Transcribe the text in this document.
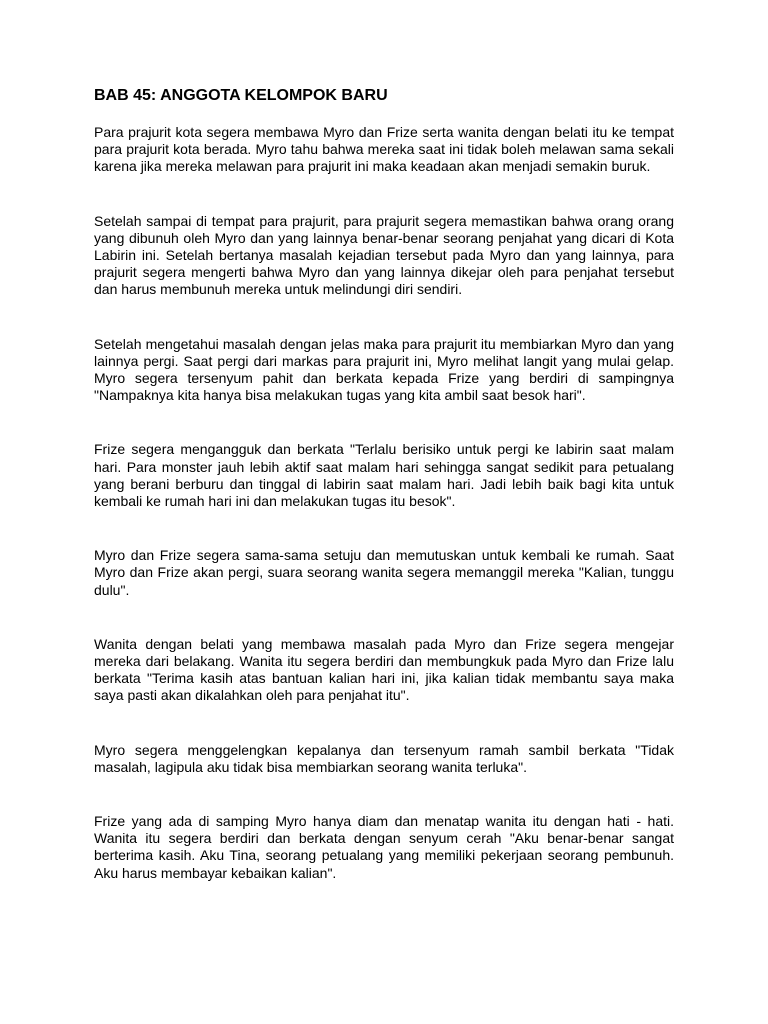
BAB 45: ANGGOTA KELOMPOK BARU

Para prajurit kota segera membawa Myro dan Frize serta wanita dengan belati itu ke tempat para prajurit kota berada. Myro tahu bahwa mereka saat ini tidak boleh melawan sama sekali karena jika mereka melawan para prajurit ini maka keadaan akan menjadi semakin buruk.

Setelah sampai di tempat para prajurit, para prajurit segera memastikan bahwa orang orang yang dibunuh oleh Myro dan yang lainnya benar-benar seorang penjahat yang dicari di Kota Labirin ini. Setelah bertanya masalah kejadian tersebut pada Myro dan yang lainnya, para prajurit segera mengerti bahwa Myro dan yang lainnya dikejar oleh para penjahat tersebut dan harus membunuh mereka untuk melindungi diri sendiri.

Setelah mengetahui masalah dengan jelas maka para prajurit itu membiarkan Myro dan yang lainnya pergi. Saat pergi dari markas para prajurit ini, Myro melihat langit yang mulai gelap. Myro segera tersenyum pahit dan berkata kepada Frize yang berdiri di sampingnya "Nampaknya kita hanya bisa melakukan tugas yang kita ambil saat besok hari".

Frize segera mengangguk dan berkata "Terlalu berisiko untuk pergi ke labirin saat malam hari. Para monster jauh lebih aktif saat malam hari sehingga sangat sedikit para petualang yang berani berburu dan tinggal di labirin saat malam hari. Jadi lebih baik bagi kita untuk kembali ke rumah hari ini dan melakukan tugas itu besok".

Myro dan Frize segera sama-sama setuju dan memutuskan untuk kembali ke rumah. Saat Myro dan Frize akan pergi, suara seorang wanita segera memanggil mereka "Kalian, tunggu dulu".

Wanita dengan belati yang membawa masalah pada Myro dan Frize segera mengejar mereka dari belakang. Wanita itu segera berdiri dan membungkuk pada Myro dan Frize lalu berkata "Terima kasih atas bantuan kalian hari ini, jika kalian tidak membantu saya maka saya pasti akan dikalahkan oleh para penjahat itu".

Myro segera menggelengkan kepalanya dan tersenyum ramah sambil berkata "Tidak masalah, lagipula aku tidak bisa membiarkan seorang wanita terluka".

Frize yang ada di samping Myro hanya diam dan menatap wanita itu dengan hati - hati. Wanita itu segera berdiri dan berkata dengan senyum cerah "Aku benar-benar sangat berterima kasih. Aku Tina, seorang petualang yang memiliki pekerjaan seorang pembunuh. Aku harus membayar kebaikan kalian".
